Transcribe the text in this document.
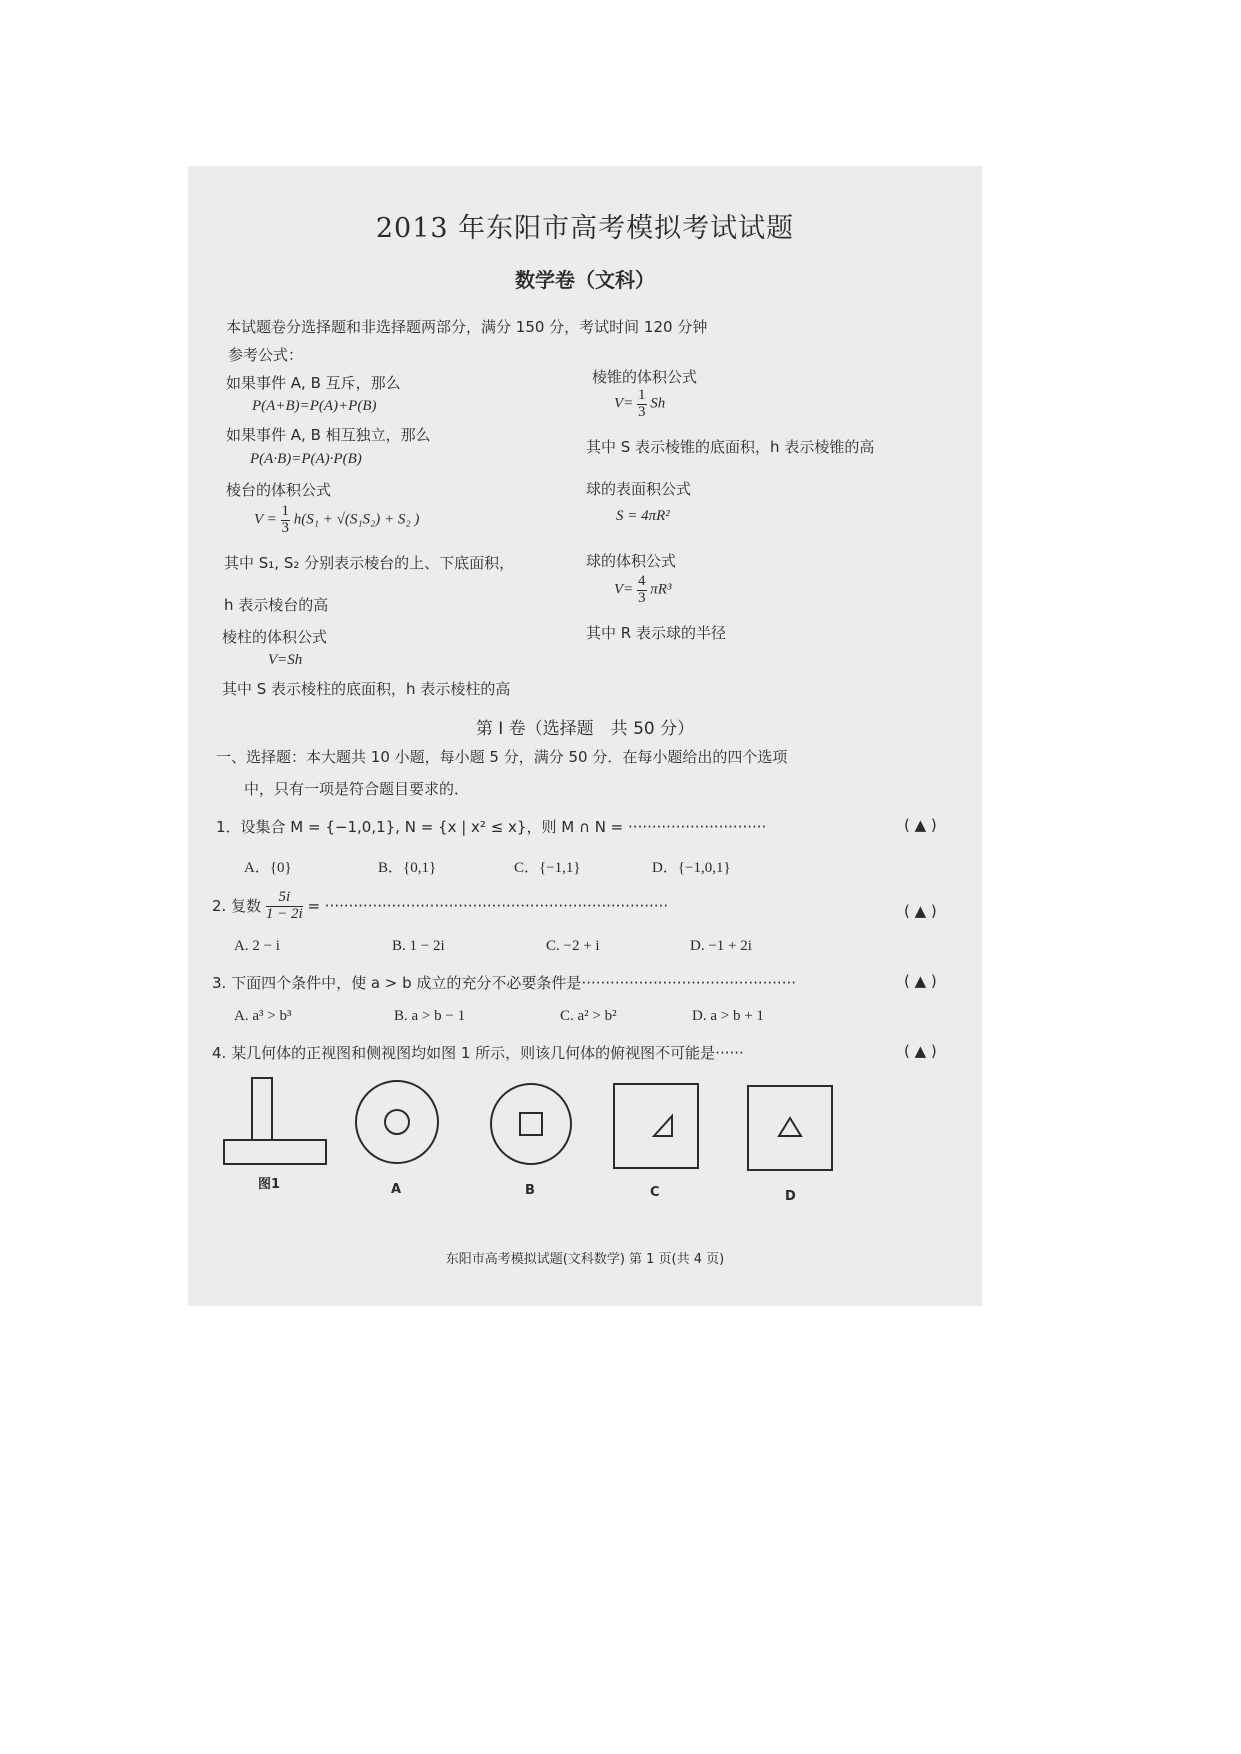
2013 年东阳市高考模拟考试试题
数学卷（文科）
本试题卷分选择题和非选择题两部分，满分 150 分，考试时间 120 分钟
参考公式：
如果事件 A, B 互斥，那么
P(A+B)=P(A)+P(B)
如果事件 A, B 相互独立，那么
P(A·B)=P(A)·P(B)
棱台的体积公式
$V = \frac{1}{3} h(S_1 + √(S_1S_2) + S_2$ )
其中 S₁, S₂ 分别表示棱台的上、下底面积，
h 表示棱台的高
棱柱的体积公式
V=Sh
其中 S 表示棱柱的底面积，h 表示棱柱的高
棱锥的体积公式
$V= \frac{1}{3}$ Sh
其中 S 表示棱锥的底面积，h 表示棱锥的高
球的表面积公式
S = 4πR²
球的体积公式
$V= \frac{4}{3} \pi R^3$
其中 R 表示球的半径
第 I 卷（选择题　共 50 分）
一、选择题：本大题共 10 小题，每小题 5 分，满分 50 分．在每小题给出的四个选项
中，只有一项是符合题目要求的．
1．设集合 M = {−1,0,1}, N = {x | x² ≤ x}，则 M ∩ N = ·····························	( ▲ )
A．{0}	B．{0,1}	C．{−1,1}	D．{−1,0,1}
2. 复数 $\frac{5i}{1 - 2i}$ = ········································································	( ▲ )
A. 2 − i	B. 1 − 2i	C. −2 + i	D. −1 + 2i
3. 下面四个条件中，使 a > b 成立的充分不必要条件是·············································	( ▲ )
A. a³ > b³	B. a > b − 1	C. a² > b²	D. a > b + 1
4. 某几何体的正视图和侧视图均如图 1 所示，则该几何体的俯视图不可能是······	( ▲ )
图1	A	B	C	D
东阳市高考模拟试题(文科数学) 第 1 页(共 4 页)
